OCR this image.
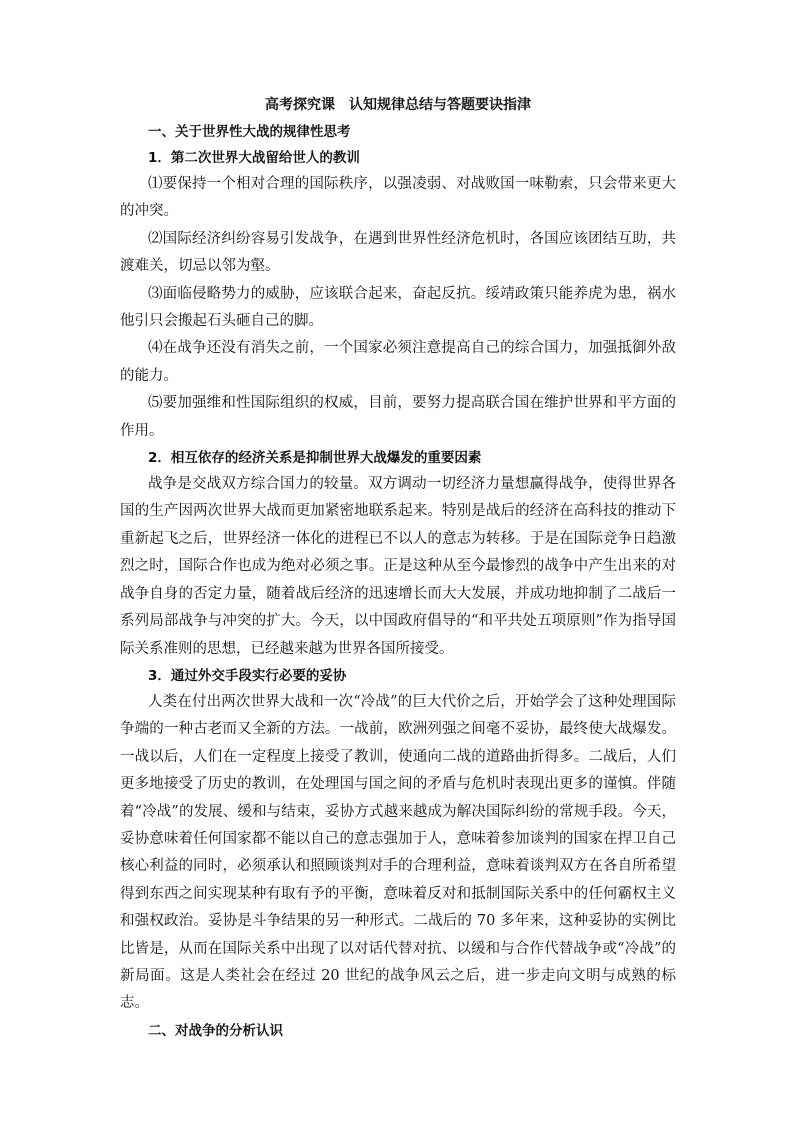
高考探究课　认知规律总结与答题要诀指津

一、关于世界性大战的规律性思考

1．第二次世界大战留给世人的教训

⑴要保持一个相对合理的国际秩序，以强凌弱、对战败国一味勒索，只会带来更大的冲突。

⑵国际经济纠纷容易引发战争，在遇到世界性经济危机时，各国应该团结互助，共渡难关，切忌以邻为壑。

⑶面临侵略势力的威胁，应该联合起来，奋起反抗。绥靖政策只能养虎为患，祸水他引只会搬起石头砸自己的脚。

⑷在战争还没有消失之前，一个国家必须注意提高自己的综合国力，加强抵御外敌的能力。

⑸要加强维和性国际组织的权威，目前，要努力提高联合国在维护世界和平方面的作用。

2．相互依存的经济关系是抑制世界大战爆发的重要因素

战争是交战双方综合国力的较量。双方调动一切经济力量想赢得战争，使得世界各国的生产因两次世界大战而更加紧密地联系起来。特别是战后的经济在高科技的推动下重新起飞之后，世界经济一体化的进程已不以人的意志为转移。于是在国际竞争日趋激烈之时，国际合作也成为绝对必须之事。正是这种从至今最惨烈的战争中产生出来的对战争自身的否定力量，随着战后经济的迅速增长而大大发展，并成功地抑制了二战后一系列局部战争与冲突的扩大。今天，以中国政府倡导的“和平共处五项原则”作为指导国际关系准则的思想，已经越来越为世界各国所接受。

3．通过外交手段实行必要的妥协

人类在付出两次世界大战和一次“冷战”的巨大代价之后，开始学会了这种处理国际争端的一种古老而又全新的方法。一战前，欧洲列强之间毫不妥协，最终使大战爆发。一战以后，人们在一定程度上接受了教训，使通向二战的道路曲折得多。二战后，人们更多地接受了历史的教训，在处理国与国之间的矛盾与危机时表现出更多的谨慎。伴随着“冷战”的发展、缓和与结束，妥协方式越来越成为解决国际纠纷的常规手段。今天，妥协意味着任何国家都不能以自己的意志强加于人，意味着参加谈判的国家在捍卫自己核心利益的同时，必须承认和照顾谈判对手的合理利益，意味着谈判双方在各自所希望得到东西之间实现某种有取有予的平衡，意味着反对和抵制国际关系中的任何霸权主义和强权政治。妥协是斗争结果的另一种形式。二战后的 70 多年来，这种妥协的实例比比皆是，从而在国际关系中出现了以对话代替对抗、以缓和与合作代替战争或“冷战”的新局面。这是人类社会在经过 20 世纪的战争风云之后，进一步走向文明与成熟的标志。

二、对战争的分析认识
